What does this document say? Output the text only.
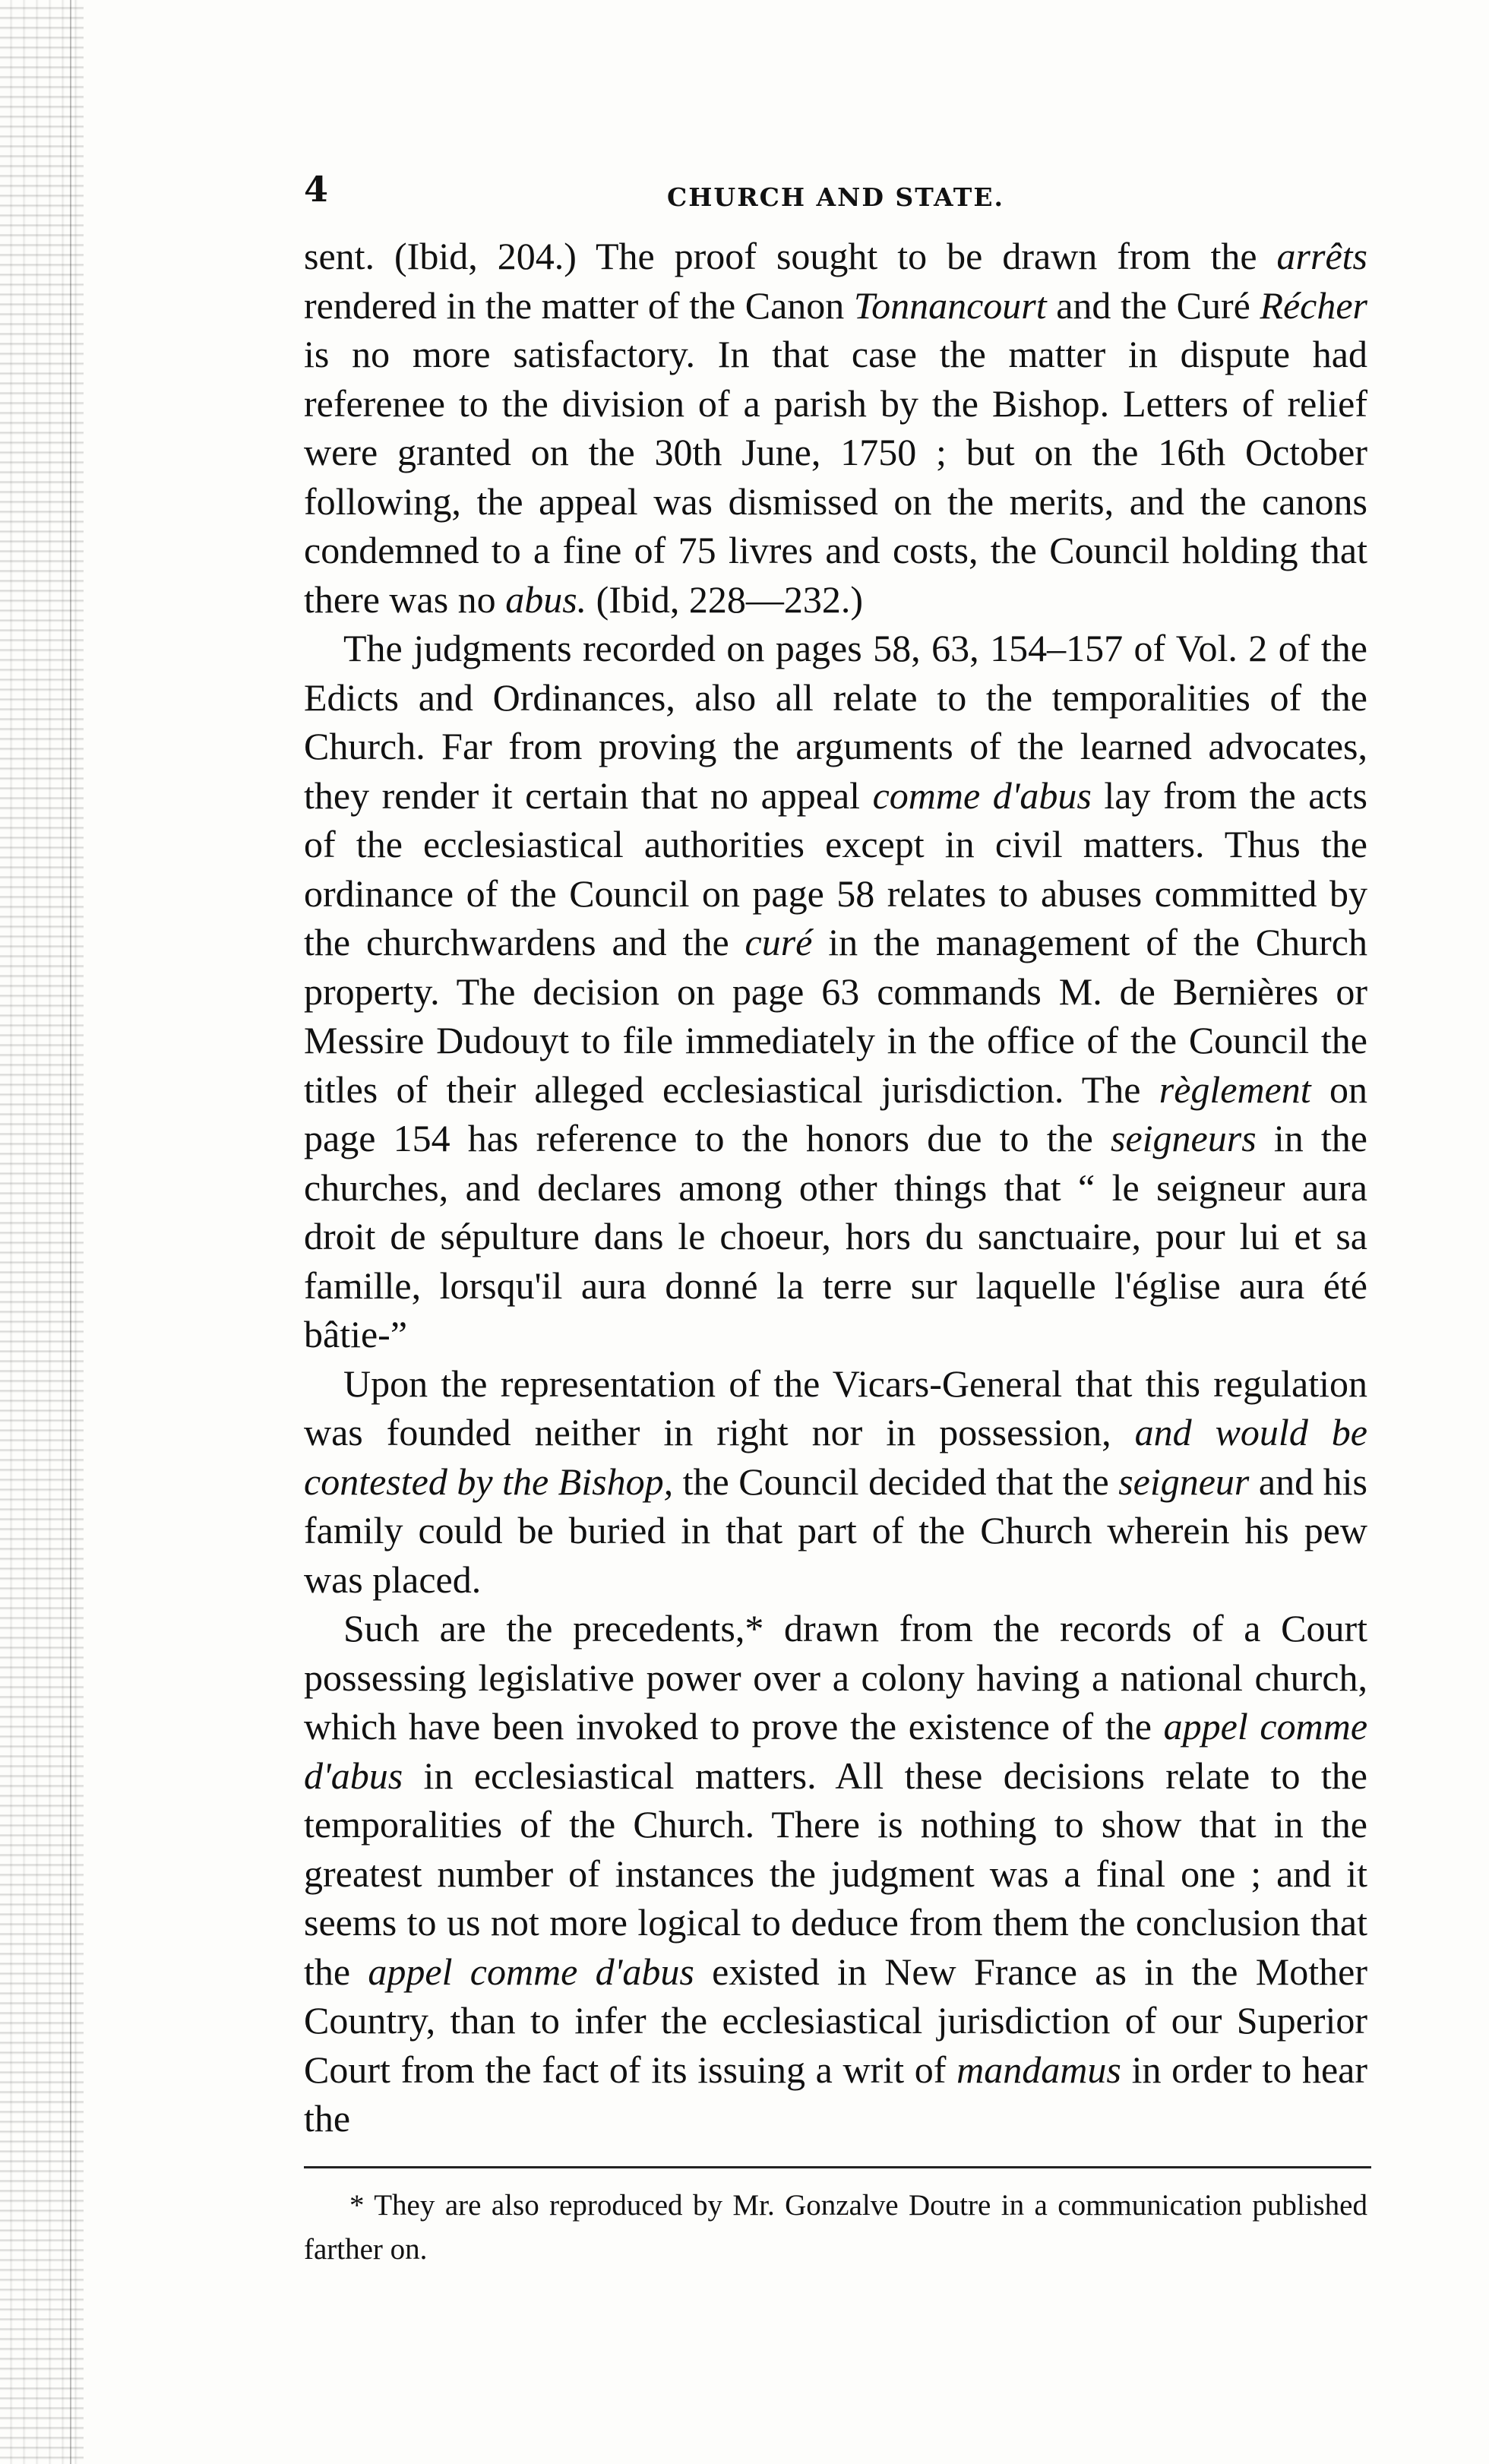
4	CHURCH AND STATE.

sent. (Ibid, 204.) The proof sought to be drawn from the arrêts rendered in the matter of the Canon Tonnancourt and the Curé Récher is no more satisfactory. In that case the matter in dispute had referenee to the division of a parish by the Bishop. Letters of relief were granted on the 30th June, 1750 ; but on the 16th October following, the appeal was dismissed on the merits, and the canons condemned to a fine of 75 livres and costs, the Council holding that there was no abus. (Ibid, 228—232.)

The judgments recorded on pages 58, 63, 154–157 of Vol. 2 of the Edicts and Ordinances, also all relate to the temporalities of the Church. Far from proving the arguments of the learned advocates, they render it certain that no appeal comme d'abus lay from the acts of the ecclesiastical authorities except in civil matters. Thus the ordinance of the Council on page 58 relates to abuses committed by the churchwardens and the curé in the management of the Church property. The decision on page 63 commands M. de Bernières or Messire Dudouyt to file immediately in the office of the Council the titles of their alleged ecclesiastical jurisdiction. The règlement on page 154 has reference to the honors due to the seigneurs in the churches, and declares among other things that “ le seigneur aura droit de sépulture dans le choeur, hors du sanctuaire, pour lui et sa famille, lorsqu'il aura donné la terre sur laquelle l'église aura été bâtie-”

Upon the representation of the Vicars-General that this regulation was founded neither in right nor in possession, and would be contested by the Bishop, the Council decided that the seigneur and his family could be buried in that part of the Church wherein his pew was placed.

Such are the precedents,* drawn from the records of a Court possessing legislative power over a colony having a national church, which have been invoked to prove the existence of the appel comme d'abus in ecclesiastical matters. All these decisions relate to the temporalities of the Church. There is nothing to show that in the greatest number of instances the judgment was a final one ; and it seems to us not more logical to deduce from them the conclusion that the appel comme d'abus existed in New France as in the Mother Country, than to infer the ecclesiastical jurisdiction of our Superior Court from the fact of its issuing a writ of mandamus in order to hear the

* They are also reproduced by Mr. Gonzalve Doutre in a communication published farther on.
